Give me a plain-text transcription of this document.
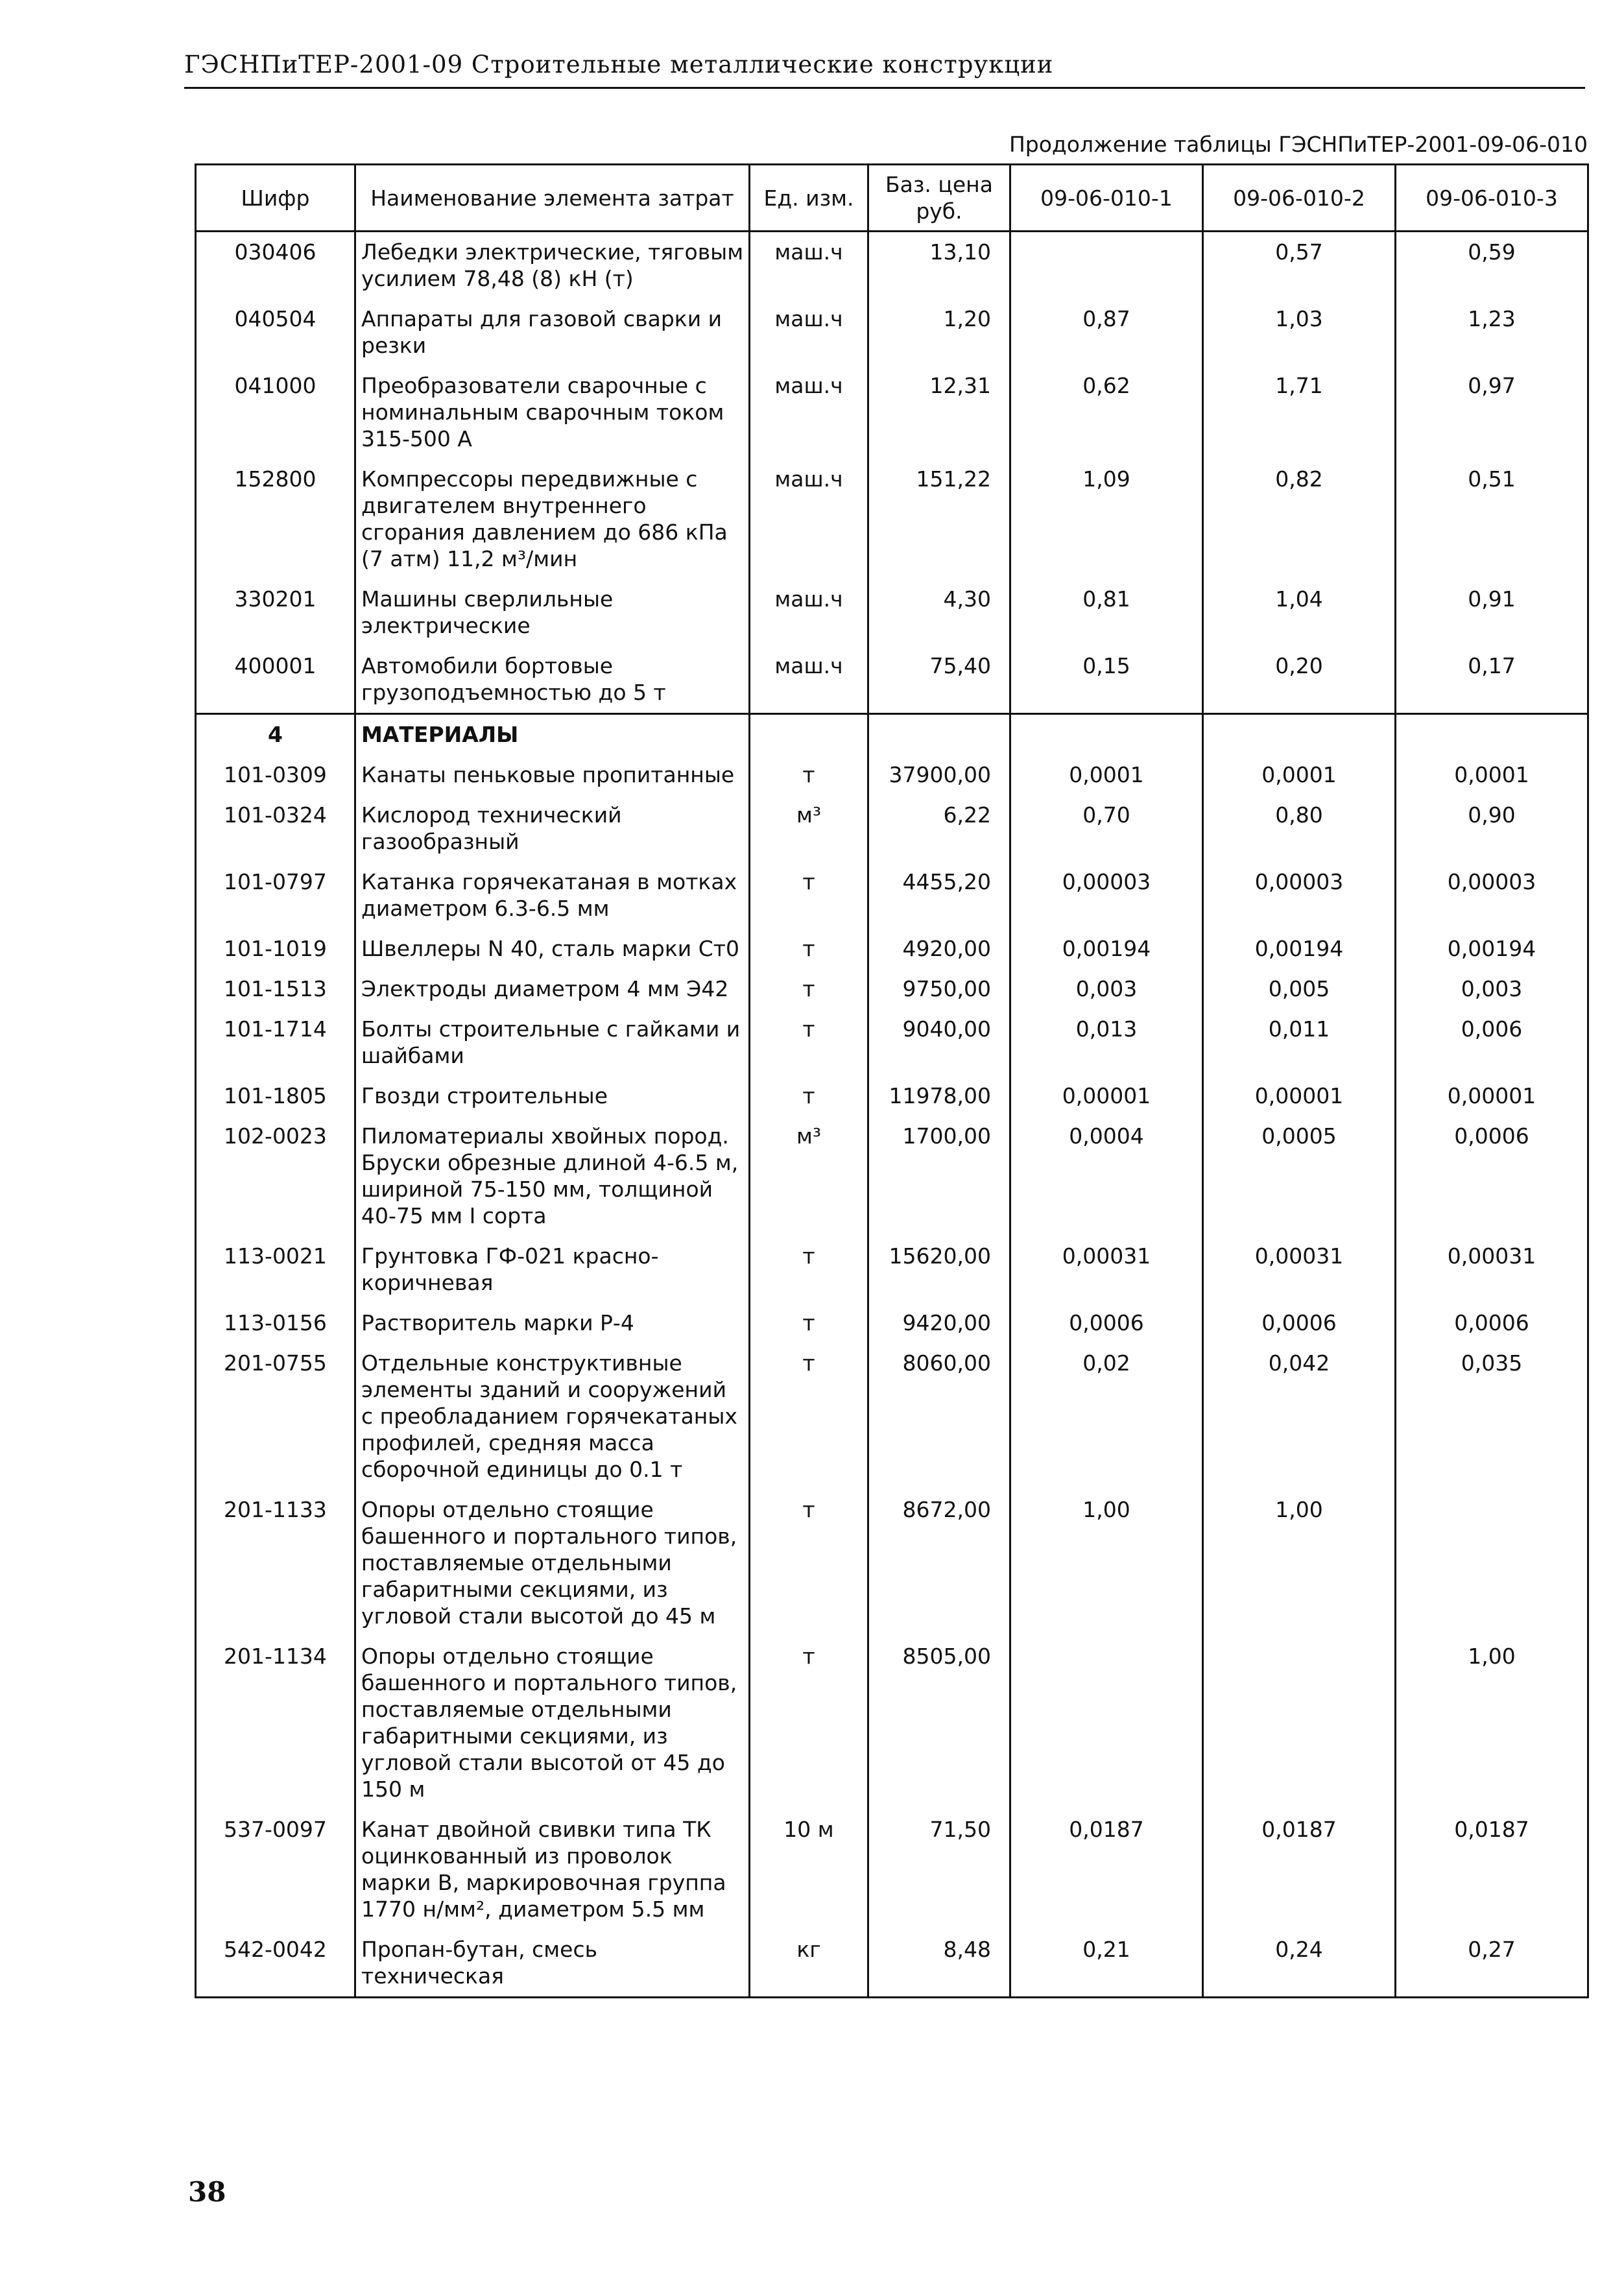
ГЭСНПиТЕР-2001-09 Строительные металлические конструкции
Продолжение таблицы ГЭСНПиТЕР-2001-09-06-010
Шифр	Наименование элемента затрат	Ед. изм.	Баз. цена руб.	09-06-010-1	09-06-010-2	09-06-010-3
030406	Лебедки электрические, тяговым усилием 78,48 (8) кН (т)	маш.ч	13,10		0,57	0,59
040504	Аппараты для газовой сварки и резки	маш.ч	1,20	0,87	1,03	1,23
041000	Преобразователи сварочные с номинальным сварочным током 315-500 А	маш.ч	12,31	0,62	1,71	0,97
152800	Компрессоры передвижные с двигателем внутреннего сгорания давлением до 686 кПа (7 атм) 11,2 м³/мин	маш.ч	151,22	1,09	0,82	0,51
330201	Машины сверлильные электрические	маш.ч	4,30	0,81	1,04	0,91
400001	Автомобили бортовые грузоподъемностью до 5 т	маш.ч	75,40	0,15	0,20	0,17
4	МАТЕРИАЛЫ					
101-0309	Канаты пеньковые пропитанные	т	37900,00	0,0001	0,0001	0,0001
101-0324	Кислород технический газообразный	м³	6,22	0,70	0,80	0,90
101-0797	Катанка горячекатаная в мотках диаметром 6.3-6.5 мм	т	4455,20	0,00003	0,00003	0,00003
101-1019	Швеллеры N 40, сталь марки Ст0	т	4920,00	0,00194	0,00194	0,00194
101-1513	Электроды диаметром 4 мм Э42	т	9750,00	0,003	0,005	0,003
101-1714	Болты строительные с гайками и шайбами	т	9040,00	0,013	0,011	0,006
101-1805	Гвозди строительные	т	11978,00	0,00001	0,00001	0,00001
102-0023	Пиломатериалы хвойных пород. Бруски обрезные длиной 4-6.5 м, шириной 75-150 мм, толщиной 40-75 мм I сорта	м³	1700,00	0,0004	0,0005	0,0006
113-0021	Грунтовка ГФ-021 красно-коричневая	т	15620,00	0,00031	0,00031	0,00031
113-0156	Растворитель марки Р-4	т	9420,00	0,0006	0,0006	0,0006
201-0755	Отдельные конструктивные элементы зданий и сооружений с преобладанием горячекатаных профилей, средняя масса сборочной единицы до 0.1 т	т	8060,00	0,02	0,042	0,035
201-1133	Опоры отдельно стоящие башенного и портального типов, поставляемые отдельными габаритными секциями, из угловой стали высотой до 45 м	т	8672,00	1,00	1,00	
201-1134	Опоры отдельно стоящие башенного и портального типов, поставляемые отдельными габаритными секциями, из угловой стали высотой от 45 до 150 м	т	8505,00			1,00
537-0097	Канат двойной свивки типа ТК оцинкованный из проволок марки В, маркировочная группа 1770 н/мм², диаметром 5.5 мм	10 м	71,50	0,0187	0,0187	0,0187
542-0042	Пропан-бутан, смесь техническая	кг	8,48	0,21	0,24	0,27
38
